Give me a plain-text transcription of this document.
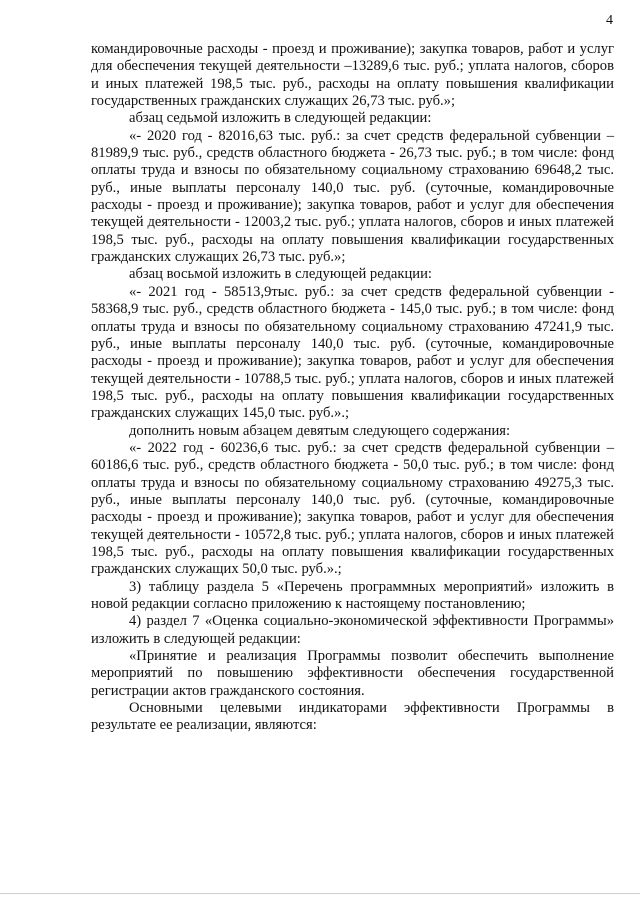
4

командировочные расходы - проезд и проживание); закупка товаров, работ и услуг для обеспечения текущей деятельности –13289,6 тыс. руб.; уплата налогов, сборов и иных платежей 198,5 тыс. руб., расходы на оплату повышения квалификации государственных гражданских служащих 26,73 тыс. руб.»;

абзац седьмой изложить в следующей редакции:

«- 2020 год - 82016,63 тыс. руб.: за счет средств федеральной субвенции – 81989,9 тыс. руб., средств областного бюджета - 26,73 тыс. руб.; в том числе: фонд оплаты труда и взносы по обязательному социальному страхованию 69648,2 тыс. руб., иные выплаты персоналу 140,0 тыс. руб. (суточные, командировочные расходы - проезд и проживание); закупка товаров, работ и услуг для обеспечения текущей деятельности - 12003,2 тыс. руб.; уплата налогов, сборов и иных платежей 198,5 тыс. руб., расходы на оплату повышения квалификации государственных гражданских служащих 26,73 тыс. руб.»;

абзац восьмой изложить в следующей редакции:

«- 2021 год - 58513,9тыс. руб.: за счет средств федеральной субвенции - 58368,9 тыс. руб., средств областного бюджета - 145,0 тыс. руб.; в том числе: фонд оплаты труда и взносы по обязательному социальному страхованию 47241,9 тыс. руб., иные выплаты персоналу 140,0 тыс. руб. (суточные, командировочные расходы - проезд и проживание); закупка товаров, работ и услуг для обеспечения текущей деятельности - 10788,5 тыс. руб.; уплата налогов, сборов и иных платежей 198,5 тыс. руб., расходы на оплату повышения квалификации государственных гражданских служащих 145,0 тыс. руб.».;

дополнить новым абзацем девятым следующего содержания:

«- 2022 год - 60236,6 тыс. руб.: за счет средств федеральной субвенции – 60186,6 тыс. руб., средств областного бюджета - 50,0 тыс. руб.; в том числе: фонд оплаты труда и взносы по обязательному социальному страхованию 49275,3 тыс. руб., иные выплаты персоналу 140,0 тыс. руб. (суточные, командировочные расходы - проезд и проживание); закупка товаров, работ и услуг для обеспечения текущей деятельности - 10572,8 тыс. руб.; уплата налогов, сборов и иных платежей 198,5 тыс. руб., расходы на оплату повышения квалификации государственных гражданских служащих 50,0 тыс. руб.».;

3) таблицу раздела 5 «Перечень программных мероприятий» изложить в новой редакции согласно приложению к настоящему постановлению;

4) раздел 7 «Оценка социально-экономической эффективности Программы» изложить в следующей редакции:

«Принятие и реализация Программы позволит обеспечить выполнение мероприятий по повышению эффективности обеспечения государственной регистрации актов гражданского состояния.

Основными целевыми индикаторами эффективности Программы в результате ее реализации, являются:
